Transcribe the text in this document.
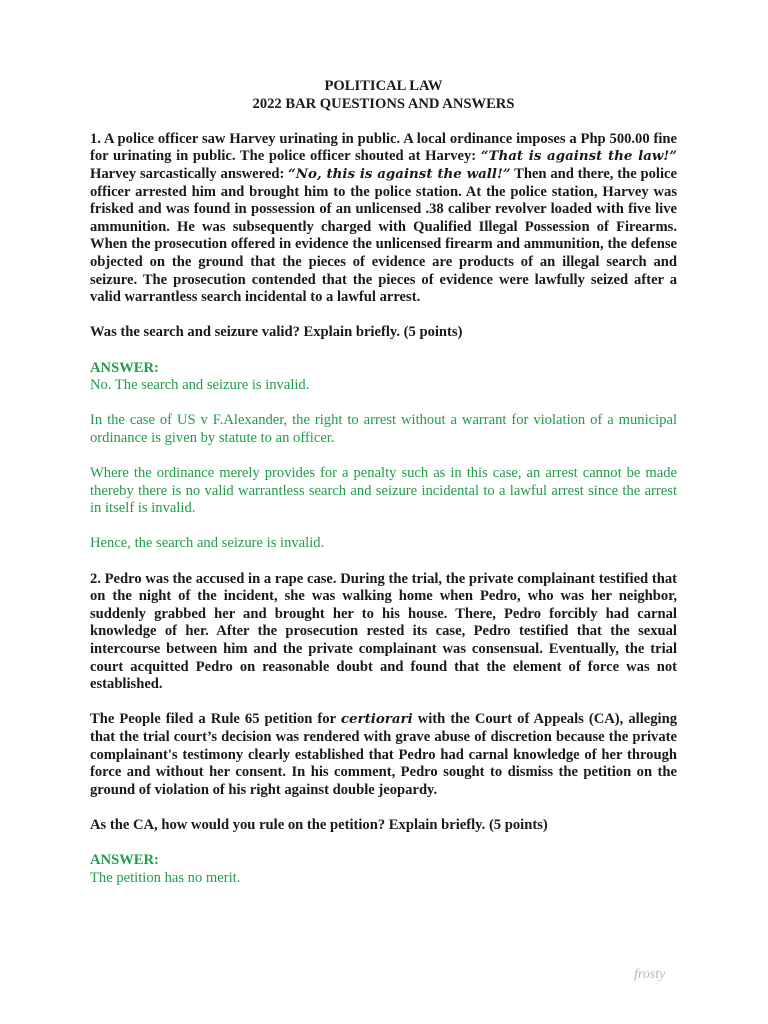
POLITICAL LAW

2022 BAR QUESTIONS AND ANSWERS

1. A police officer saw Harvey urinating in public. A local ordinance imposes a Php 500.00 fine for urinating in public. The police officer shouted at Harvey: “That is against the law!” Harvey sarcastically answered: “No, this is against the wall!” Then and there, the police officer arrested him and brought him to the police station. At the police station, Harvey was frisked and was found in possession of an unlicensed .38 caliber revolver loaded with five live ammunition. He was subsequently charged with Qualified Illegal Possession of Firearms. When the prosecution offered in evidence the unlicensed firearm and ammunition, the defense objected on the ground that the pieces of evidence are products of an illegal search and seizure. The prosecution contended that the pieces of evidence were lawfully seized after a valid warrantless search incidental to a lawful arrest.

Was the search and seizure valid? Explain briefly. (5 points)

ANSWER:

No. The search and seizure is invalid.

In the case of US v F.Alexander, the right to arrest without a warrant for violation of a municipal ordinance is given by statute to an officer.

Where the ordinance merely provides for a penalty such as in this case, an arrest cannot be made thereby there is no valid warrantless search and seizure incidental to a lawful arrest since the arrest in itself is invalid.

Hence, the search and seizure is invalid.

2. Pedro was the accused in a rape case. During the trial, the private complainant testified that on the night of the incident, she was walking home when Pedro, who was her neighbor, suddenly grabbed her and brought her to his house. There, Pedro forcibly had carnal knowledge of her. After the prosecution rested its case, Pedro testified that the sexual intercourse between him and the private complainant was consensual. Eventually, the trial court acquitted Pedro on reasonable doubt and found that the element of force was not established.

The People filed a Rule 65 petition for certiorari with the Court of Appeals (CA), alleging that the trial court’s decision was rendered with grave abuse of discretion because the private complainant's testimony clearly established that Pedro had carnal knowledge of her through force and without her consent. In his comment, Pedro sought to dismiss the petition on the ground of violation of his right against double jeopardy.

As the CA, how would you rule on the petition? Explain briefly. (5 points)

ANSWER:

The petition has no merit.

frosty
